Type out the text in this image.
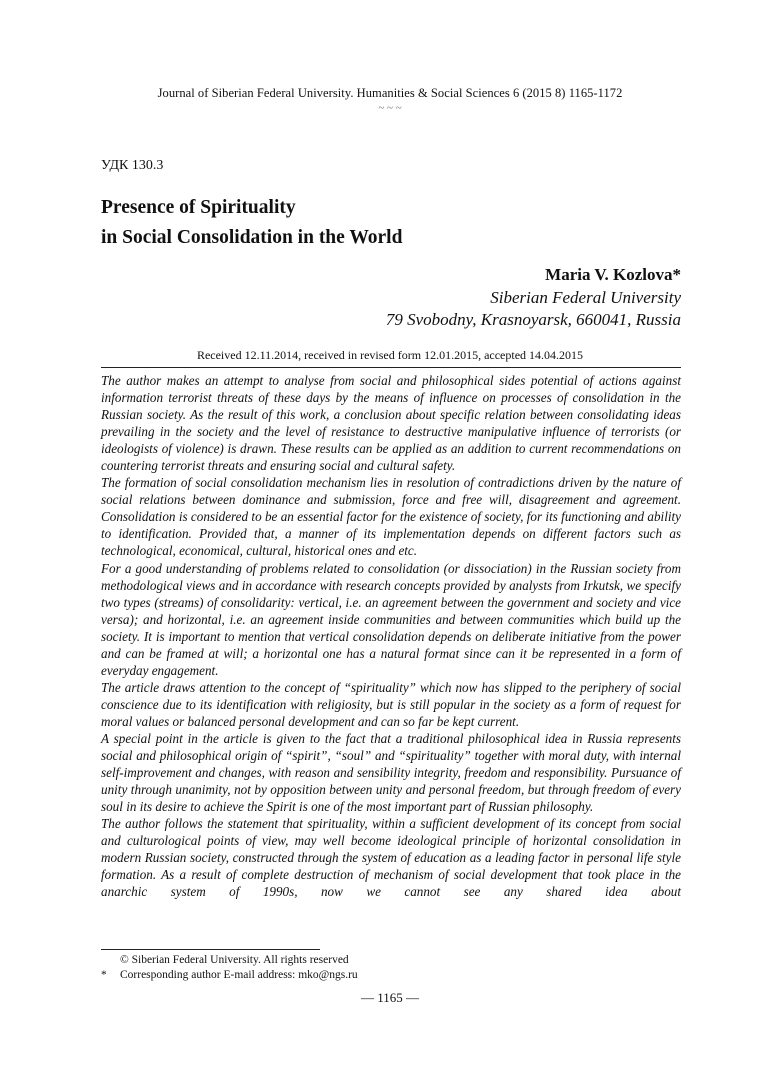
Journal of Siberian Federal University. Humanities & Social Sciences 6 (2015 8) 1165-1172
~ ~ ~
УДК 130.3
Presence of Spirituality
in Social Consolidation in the World
Maria V. Kozlova*
Siberian Federal University
79 Svobodny, Krasnoyarsk, 660041, Russia
Received 12.11.2014, received in revised form 12.01.2015, accepted 14.04.2015

The author makes an attempt to analyse from social and philosophical sides potential of actions against information terrorist threats of these days by the means of influence on processes of consolidation in the Russian society. As the result of this work, a conclusion about specific relation between consolidating ideas prevailing in the society and the level of resistance to destructive manipulative influence of terrorists (or ideologists of violence) is drawn. These results can be applied as an addition to current recommendations on countering terrorist threats and ensuring social and cultural safety.

The formation of social consolidation mechanism lies in resolution of contradictions driven by the nature of social relations between dominance and submission, force and free will, disagreement and agreement. Consolidation is considered to be an essential factor for the existence of society, for its functioning and ability to identification. Provided that, a manner of its implementation depends on different factors such as technological, economical, cultural, historical ones and etc.

For a good understanding of problems related to consolidation (or dissociation) in the Russian society from methodological views and in accordance with research concepts provided by analysts from Irkutsk, we specify two types (streams) of consolidarity: vertical, i.e. an agreement between the government and society and vice versa); and horizontal, i.e. an agreement inside communities and between communities which build up the society. It is important to mention that vertical consolidation depends on deliberate initiative from the power and can be framed at will; a horizontal one has a natural format since can it be represented in a form of everyday engagement.

The article draws attention to the concept of “spirituality” which now has slipped to the periphery of social conscience due to its identification with religiosity, but is still popular in the society as a form of request for moral values or balanced personal development and can so far be kept current.

A special point in the article is given to the fact that a traditional philosophical idea in Russia represents social and philosophical origin of “spirit”, “soul” and “spirituality” together with moral duty, with internal self-improvement and changes, with reason and sensibility integrity, freedom and responsibility. Pursuance of unity through unanimity, not by opposition between unity and personal freedom, but through freedom of every soul in its desire to achieve the Spirit is one of the most important part of Russian philosophy.

The author follows the statement that spirituality, within a sufficient development of its concept from social and culturological points of view, may well become ideological principle of horizontal consolidation in modern Russian society, constructed through the system of education as a leading factor in personal life style formation. As a result of complete destruction of mechanism of social development that took place in the anarchic system of 1990s, now we cannot see any shared idea about

© Siberian Federal University. All rights reserved
*	Corresponding author E-mail address: mko@ngs.ru
— 1165 —
